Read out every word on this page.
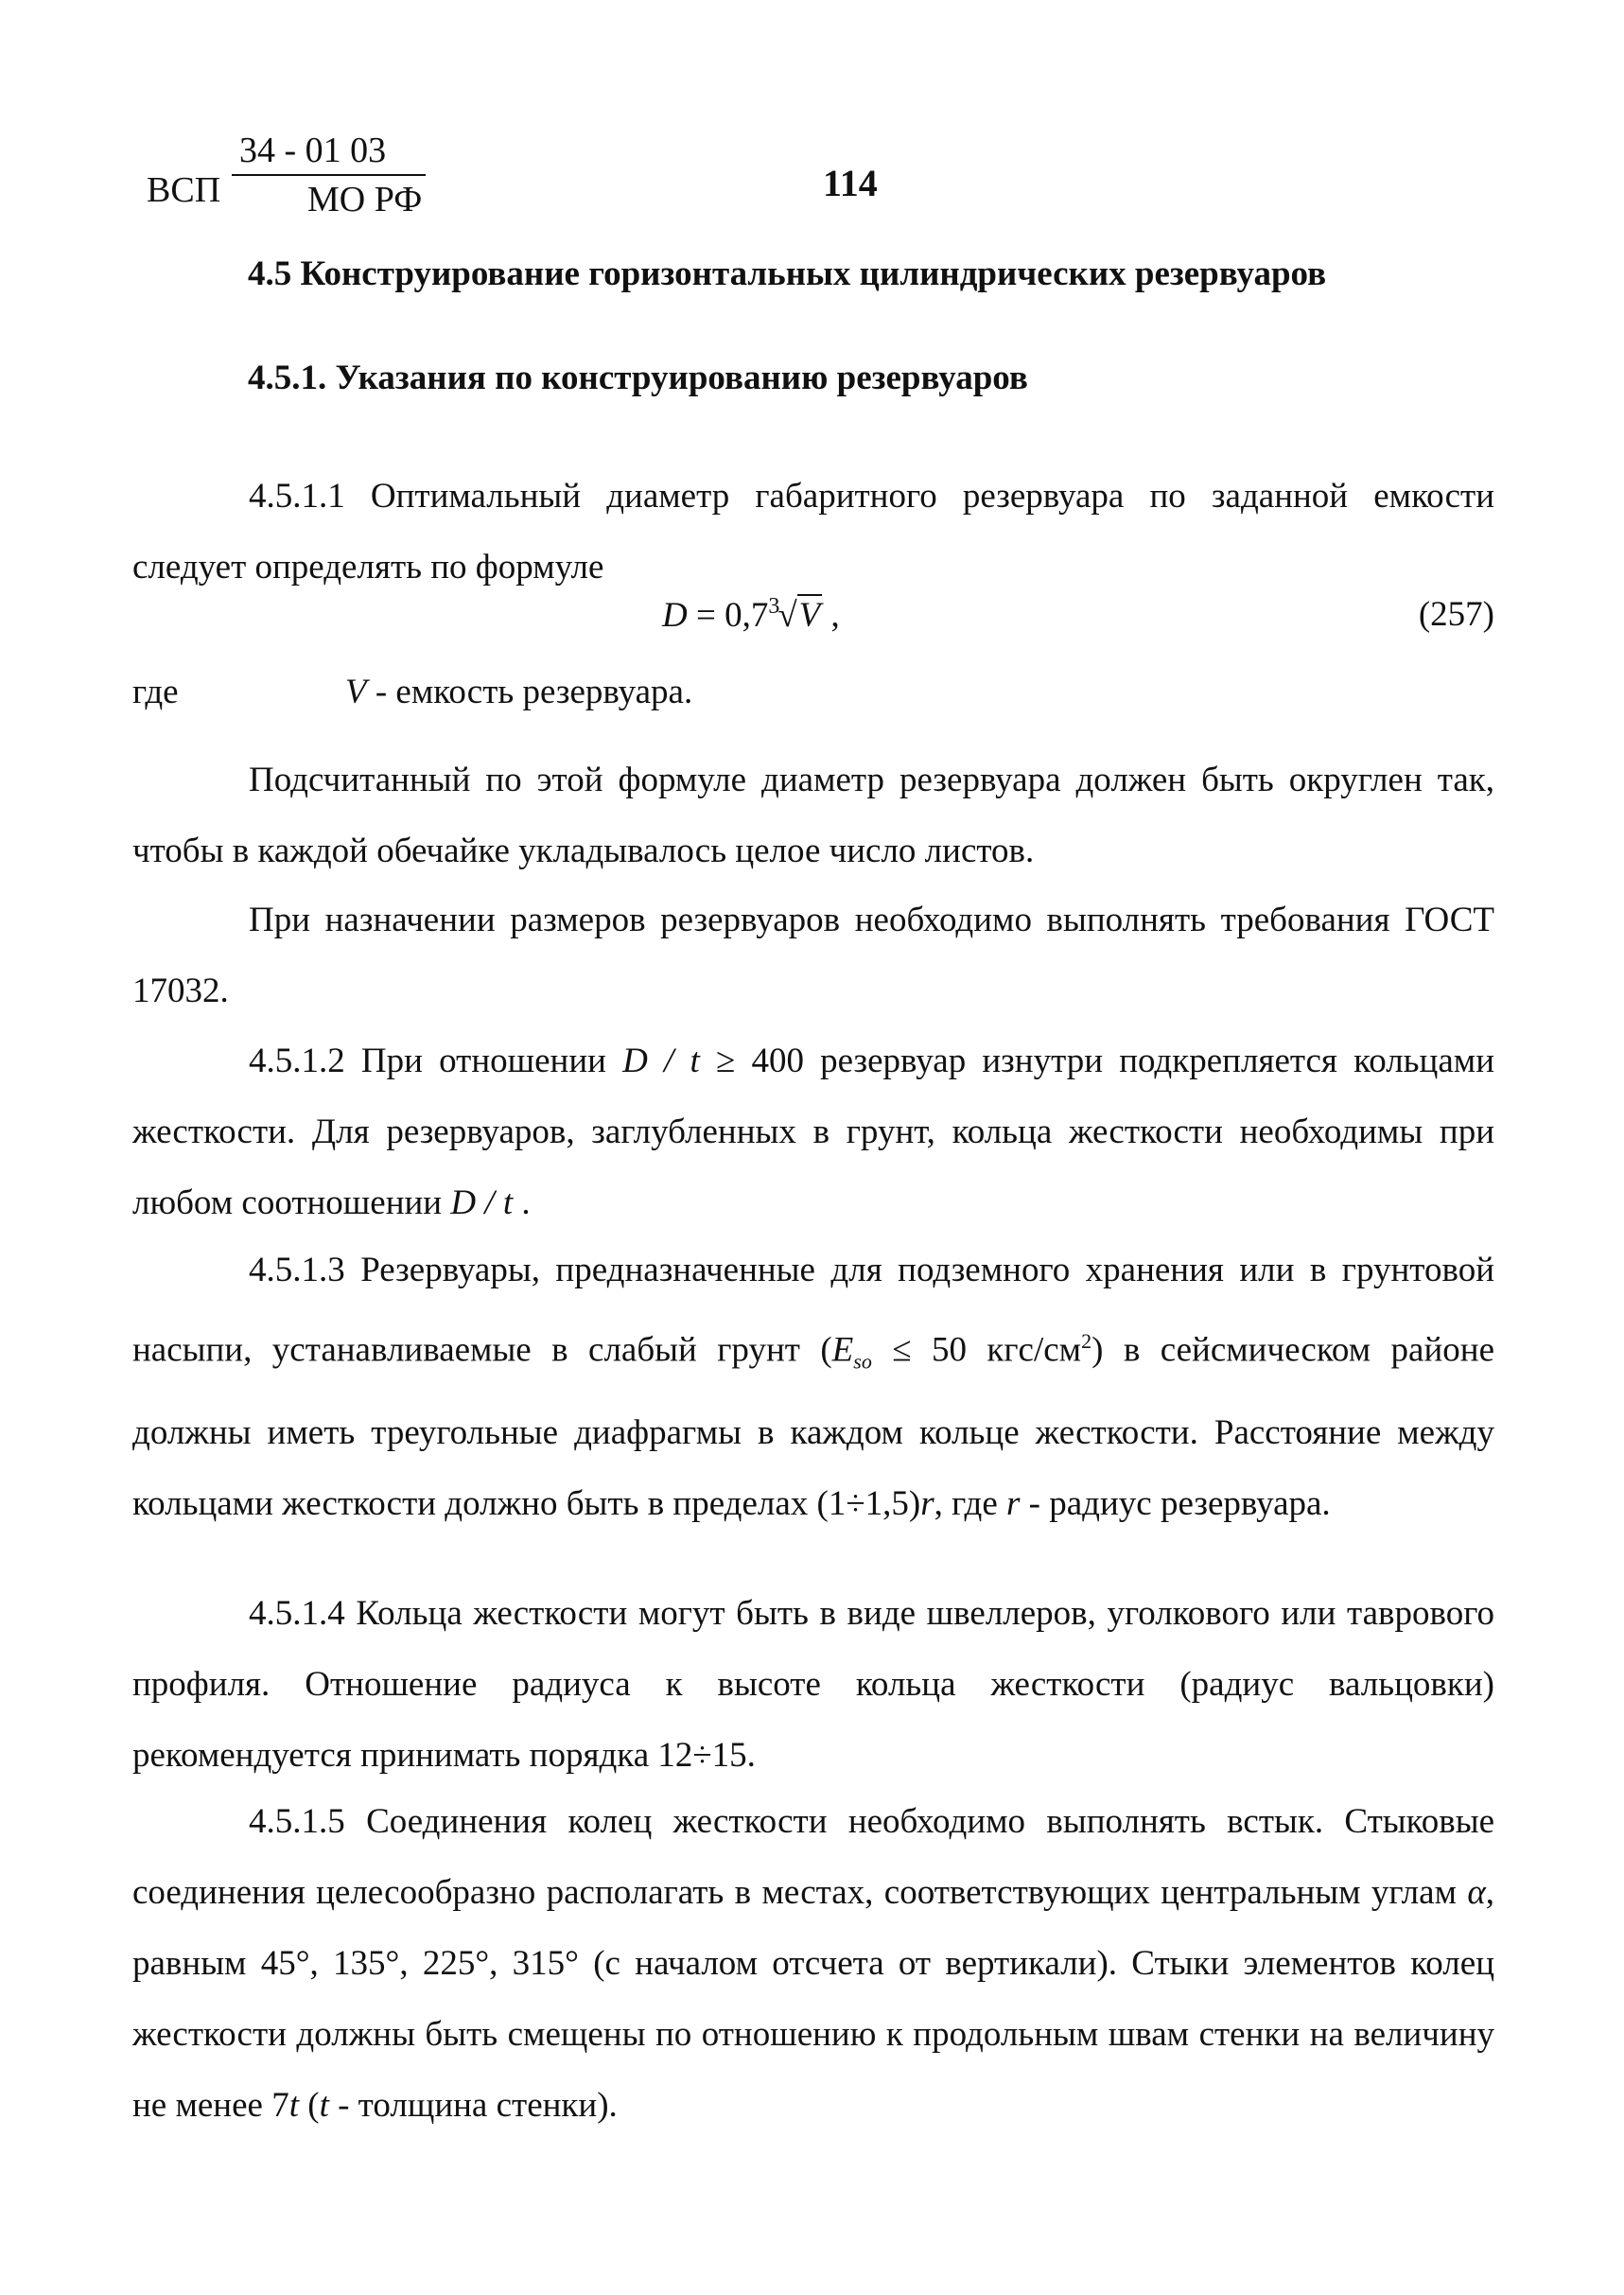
ВСП
34 - 01 03
МО РФ	114
4.5 Конструирование горизонтальных цилиндрических резервуаров
4.5.1. Указания по конструированию резервуаров

4.5.1.1 Оптимальный диаметр габаритного резервуара по заданной емкости следует определять по формуле

$D = 0,7^3√V$ ,	(257)
где	V - емкость резервуара.

Подсчитанный по этой формуле диаметр резервуара должен быть округлен так, чтобы в каждой обечайке укладывалось целое число листов.

При назначении размеров резервуаров необходимо выполнять требования ГОСТ 17032.

4.5.1.2 При отношении D / t ≥ 400 резервуар изнутри подкрепляется кольцами жесткости. Для резервуаров, заглубленных в грунт, кольца жесткости необходимы при любом соотношении D / t .

4.5.1.3 Резервуары, предназначенные для подземного хранения или в грунтовой насыпи, устанавливаемые в слабый грунт ($E_{so} \le 50$ кгс/$см^2$) в сейсмическом районе должны иметь треугольные диафрагмы в каждом кольце жесткости. Расстояние между кольцами жесткости должно быть в пределах (1÷1,5)r, где r - радиус резервуара.

4.5.1.4 Кольца жесткости могут быть в виде швеллеров, уголкового или таврового профиля. Отношение радиуса к высоте кольца жесткости (радиус вальцовки) рекомендуется принимать порядка 12÷15.

4.5.1.5 Соединения колец жесткости необходимо выполнять встык. Стыковые соединения целесообразно располагать в местах, соответствующих центральным углам α, равным 45°, 135°, 225°, 315° (с началом отсчета от вертикали). Стыки элементов колец жесткости должны быть смещены по отношению к продольным швам стенки на величину не менее 7t (t - толщина стенки).
